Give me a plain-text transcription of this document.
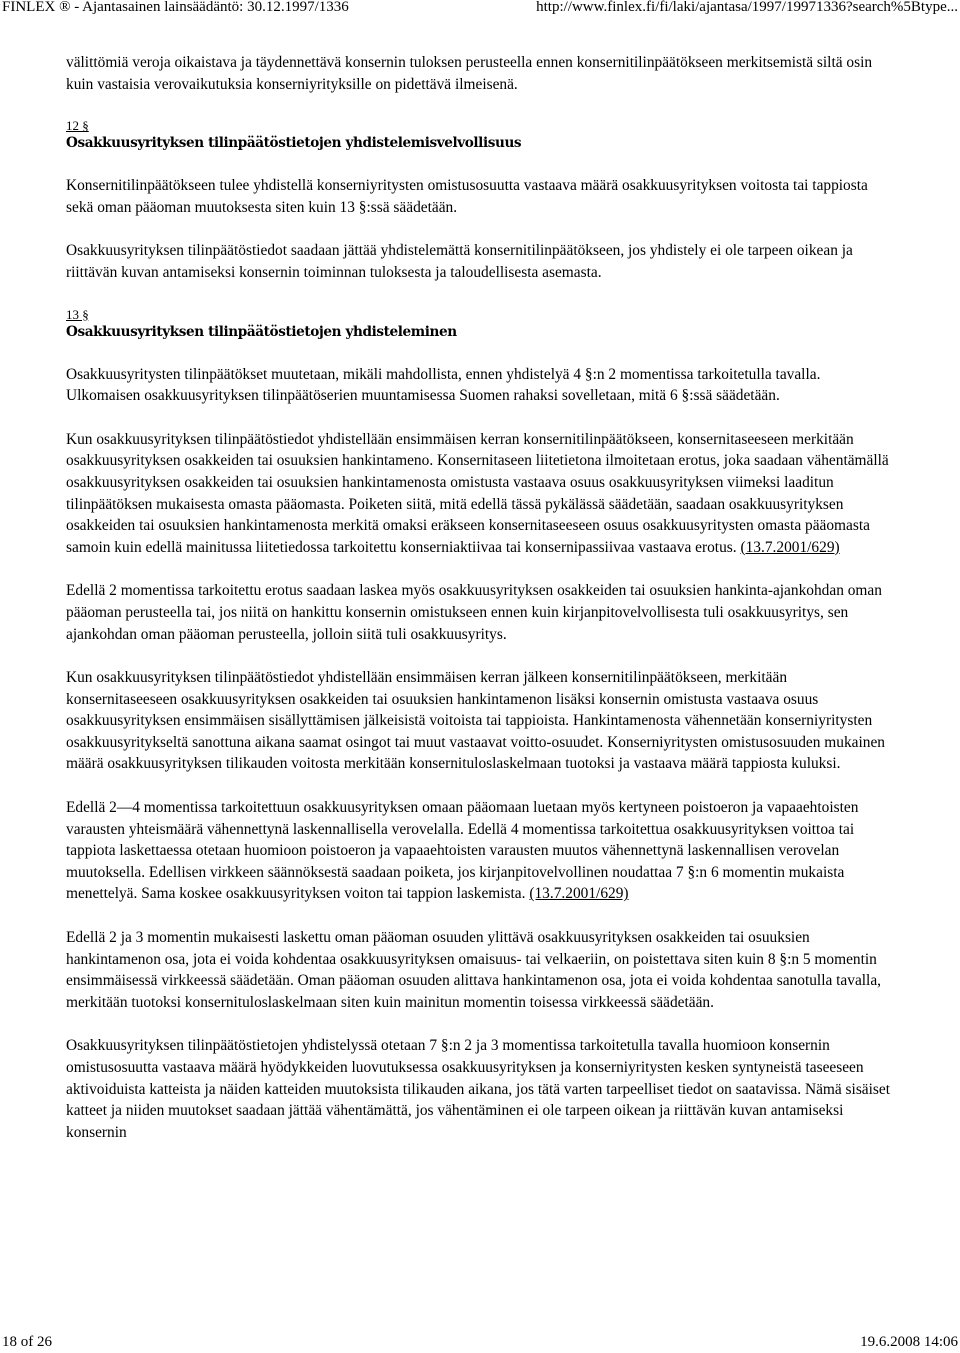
FINLEX ® - Ajantasainen lainsäädäntö: 30.12.1997/1336	http://www.finlex.fi/fi/laki/ajantasa/1997/19971336?search%5Btype...

välittömiä veroja oikaistava ja täydennettävä konsernin tuloksen perusteella ennen konsernitilinpäätökseen merkitsemistä siltä osin kuin vastaisia verovaikutuksia konserniyrityksille on pidettävä ilmeisenä.

12 §
Osakkuusyrityksen tilinpäätöstietojen yhdistelemisvelvollisuus

Konsernitilinpäätökseen tulee yhdistellä konserniyritysten omistusosuutta vastaava määrä osakkuusyrityksen voitosta tai tappiosta sekä oman pääoman muutoksesta siten kuin 13 §:ssä säädetään.

Osakkuusyrityksen tilinpäätöstiedot saadaan jättää yhdistelemättä konsernitilinpäätökseen, jos yhdistely ei ole tarpeen oikean ja riittävän kuvan antamiseksi konsernin toiminnan tuloksesta ja taloudellisesta asemasta.

13 §
Osakkuusyrityksen tilinpäätöstietojen yhdisteleminen

Osakkuusyritysten tilinpäätökset muutetaan, mikäli mahdollista, ennen yhdistelyä 4 §:n 2 momentissa tarkoitetulla tavalla. Ulkomaisen osakkuusyrityksen tilinpäätöserien muuntamisessa Suomen rahaksi sovelletaan, mitä 6 §:ssä säädetään.

Kun osakkuusyrityksen tilinpäätöstiedot yhdistellään ensimmäisen kerran konsernitilinpäätökseen, konsernitaseeseen merkitään osakkuusyrityksen osakkeiden tai osuuksien hankintameno. Konsernitaseen liitetietona ilmoitetaan erotus, joka saadaan vähentämällä osakkuusyrityksen osakkeiden tai osuuksien hankintamenosta omistusta vastaava osuus osakkuusyrityksen viimeksi laaditun tilinpäätöksen mukaisesta omasta pääomasta. Poiketen siitä, mitä edellä tässä pykälässä säädetään, saadaan osakkuusyrityksen osakkeiden tai osuuksien hankintamenosta merkitä omaksi eräkseen konsernitaseeseen osuus osakkuusyritysten omasta pääomasta samoin kuin edellä mainitussa liitetiedossa tarkoitettu konserniaktiivaa tai konsernipassiivaa vastaava erotus. (13.7.2001/629)

Edellä 2 momentissa tarkoitettu erotus saadaan laskea myös osakkuusyrityksen osakkeiden tai osuuksien hankinta-ajankohdan oman pääoman perusteella tai, jos niitä on hankittu konsernin omistukseen ennen kuin kirjanpitovelvollisesta tuli osakkuusyritys, sen ajankohdan oman pääoman perusteella, jolloin siitä tuli osakkuusyritys.

Kun osakkuusyrityksen tilinpäätöstiedot yhdistellään ensimmäisen kerran jälkeen konsernitilinpäätökseen, merkitään konsernitaseeseen osakkuusyrityksen osakkeiden tai osuuksien hankintamenon lisäksi konsernin omistusta vastaava osuus osakkuusyrityksen ensimmäisen sisällyttämisen jälkeisistä voitoista tai tappioista. Hankintamenosta vähennetään konserniyritysten osakkuusyritykseltä sanottuna aikana saamat osingot tai muut vastaavat voitto-osuudet. Konserniyritysten omistusosuuden mukainen määrä osakkuusyrityksen tilikauden voitosta merkitään konsernituloslaskelmaan tuotoksi ja vastaava määrä tappiosta kuluksi.

Edellä 2—4 momentissa tarkoitettuun osakkuusyrityksen omaan pääomaan luetaan myös kertyneen poistoeron ja vapaaehtoisten varausten yhteismäärä vähennettynä laskennallisella verovelalla. Edellä 4 momentissa tarkoitettua osakkuusyrityksen voittoa tai tappiota laskettaessa otetaan huomioon poistoeron ja vapaaehtoisten varausten muutos vähennettynä laskennallisen verovelan muutoksella. Edellisen virkkeen säännöksestä saadaan poiketa, jos kirjanpitovelvollinen noudattaa 7 §:n 6 momentin mukaista menettelyä. Sama koskee osakkuusyrityksen voiton tai tappion laskemista. (13.7.2001/629)

Edellä 2 ja 3 momentin mukaisesti laskettu oman pääoman osuuden ylittävä osakkuusyrityksen osakkeiden tai osuuksien hankintamenon osa, jota ei voida kohdentaa osakkuusyrityksen omaisuus- tai velkaeriin, on poistettava siten kuin 8 §:n 5 momentin ensimmäisessä virkkeessä säädetään. Oman pääoman osuuden alittava hankintamenon osa, jota ei voida kohdentaa sanotulla tavalla, merkitään tuotoksi konsernituloslaskelmaan siten kuin mainitun momentin toisessa virkkeessä säädetään.

Osakkuusyrityksen tilinpäätöstietojen yhdistelyssä otetaan 7 §:n 2 ja 3 momentissa tarkoitetulla tavalla huomioon konsernin omistusosuutta vastaava määrä hyödykkeiden luovutuksessa osakkuusyrityksen ja konserniyritysten kesken syntyneistä taseeseen aktivoiduista katteista ja näiden katteiden muutoksista tilikauden aikana, jos tätä varten tarpeelliset tiedot on saatavissa. Nämä sisäiset katteet ja niiden muutokset saadaan jättää vähentämättä, jos vähentäminen ei ole tarpeen oikean ja riittävän kuvan antamiseksi konsernin

18 of 26	19.6.2008 14:06
